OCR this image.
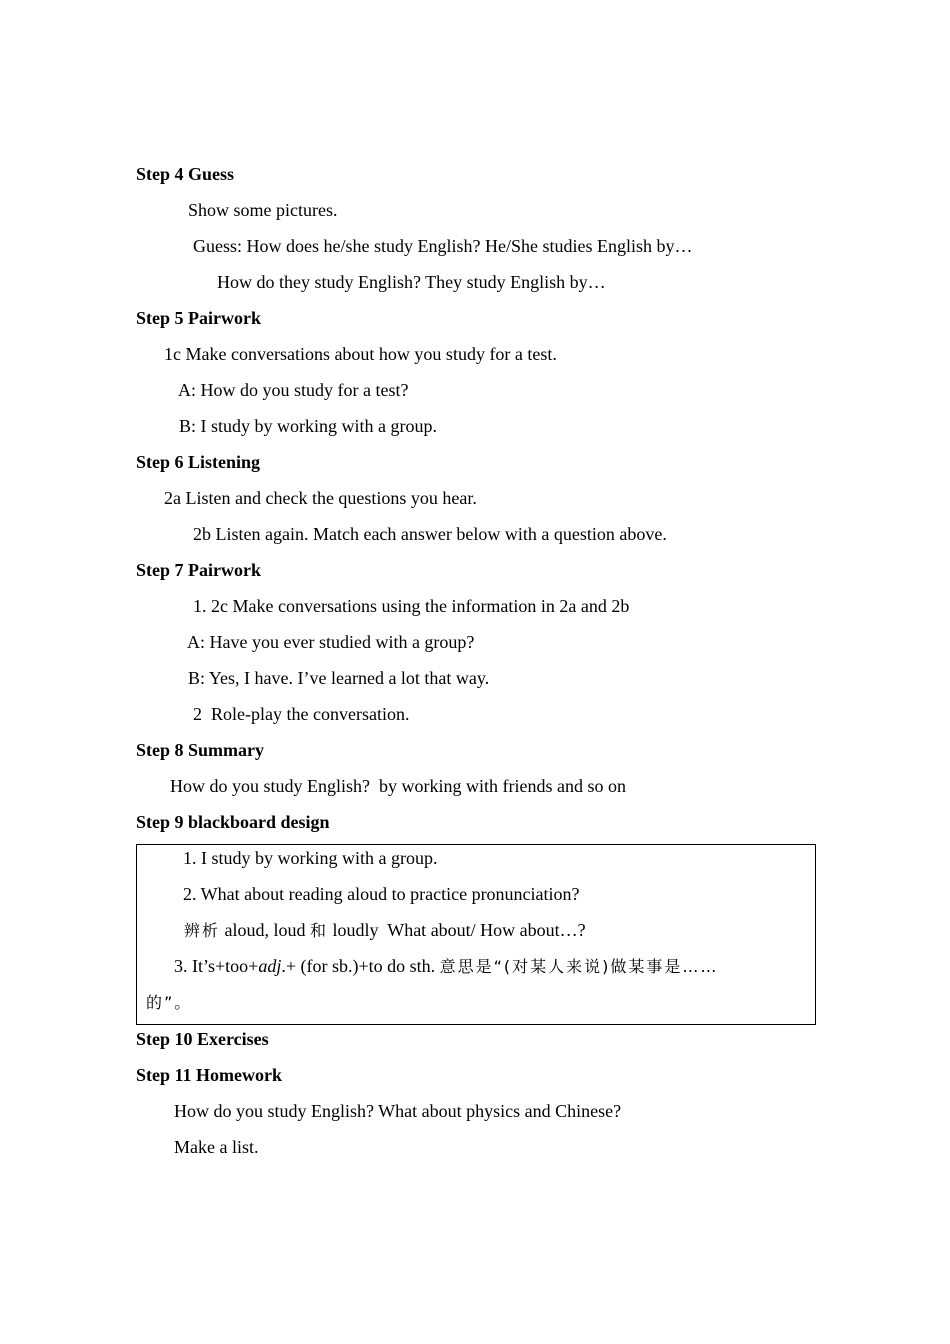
Step 4 Guess
Show some pictures.
Guess: How does he/she study English? He/She studies English by…
How do they study English? They study English by…
Step 5 Pairwork
1c Make conversations about how you study for a test.
A: How do you study for a test?
B: I study by working with a group.
Step 6 Listening
2a Listen and check the questions you hear.
2b Listen again. Match each answer below with a question above.
Step 7 Pairwork
1. 2c Make conversations using the information in 2a and 2b
A: Have you ever studied with a group?
B: Yes, I have. I’ve learned a lot that way.
2  Role-play the conversation.
Step 8 Summary
How do you study English?  by working with friends and so on
Step 9 blackboard design
1. I study by working with a group.
2. What about reading aloud to practice pronunciation?
辨析 aloud, loud 和 loudly  What about/ How about…?
3. It’s+too+adj.+ (for sb.)+to do sth. 意思是“(对某人来说)做某事是……
的”。
Step 10 Exercises
Step 11 Homework
How do you study English? What about physics and Chinese?
Make a list.
